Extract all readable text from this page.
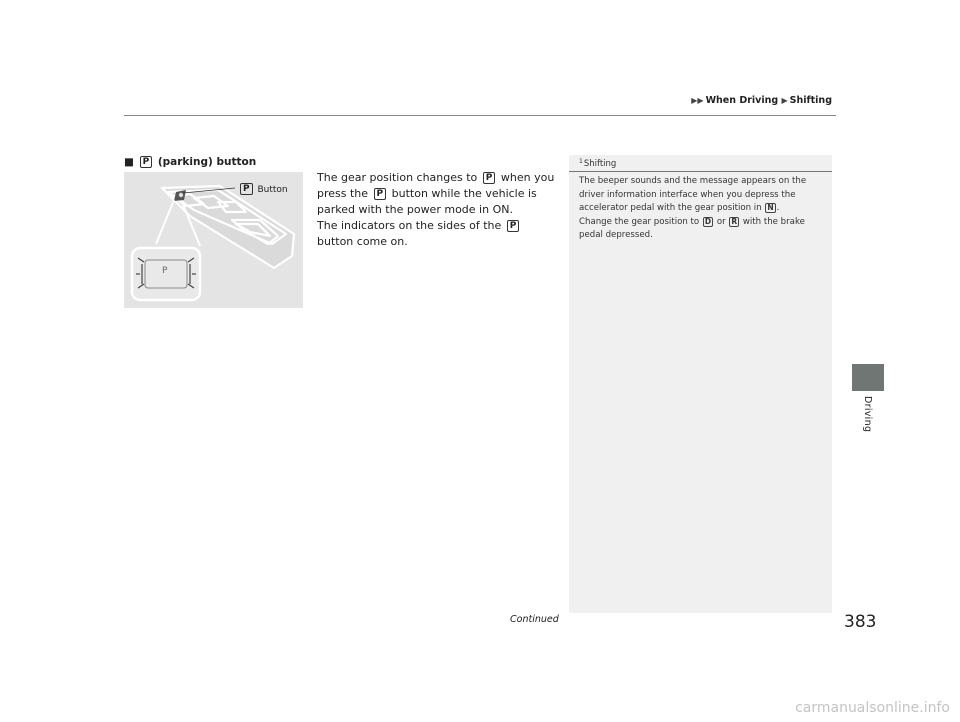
▶▶ When Driving ▶ Shifting
■ P (parking) button
P
P Button

The gear position changes to P when you press the P button while the vehicle is parked with the power mode in ON.

The indicators on the sides of the P button come on.

$^1$Shifting

The beeper sounds and the message appears on the driver information interface when you depress the accelerator pedal with the gear position in N .

Change the gear position to D or R with the brake pedal depressed.

Driving
Continued	383
carmanualsonline.info
